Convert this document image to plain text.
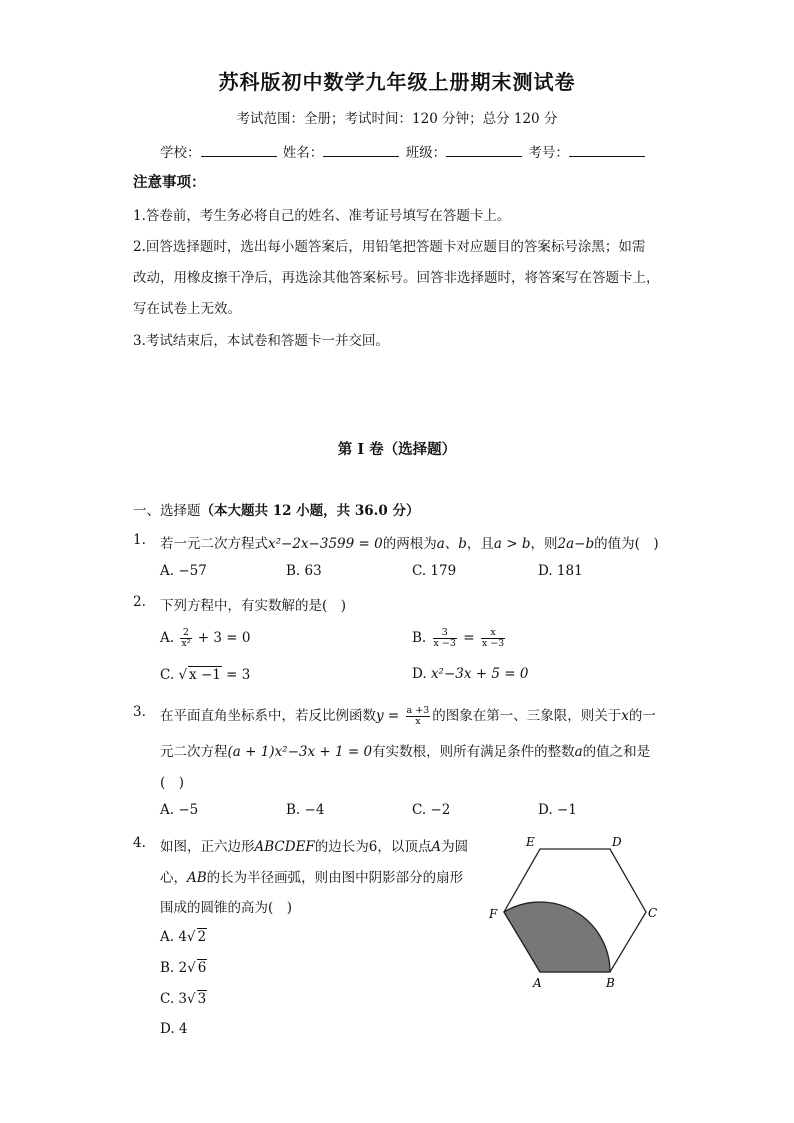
苏科版初中数学九年级上册期末测试卷
考试范围：全册；考试时间：120 分钟；总分 120 分
学校：	姓名：	班级：	考号：
注意事项：
1.答卷前，考生务必将自己的姓名、准考证号填写在答题卡上。
2.回答选择题时，选出每小题答案后，用铅笔把答题卡对应题目的答案标号涂黑；如需
改动，用橡皮擦干净后，再选涂其他答案标号。回答非选择题时，将答案写在答题卡上，
写在试卷上无效。
3.考试结束后，本试卷和答题卡一并交回。
第 I 卷（选择题）
一、选择题（本大题共 12 小题，共 36.0 分）
1. 若一元二次方程式x²−2x−3599 = 0的两根为a、b，且a > b，则2a−b的值为(　)
A. −57	B. 63	C. 179	D. 181
2. 下列方程中，有实数解的是(　)
A. $\frac{2}{\text{x²}} + 3 = 0$	B. $\frac{3}{x -3} = \frac{x}{x -3}$
C. √ x −1 = 3	D. x²−3x + 5 = 0
3. 在平面直角坐标系中，若反比例函数$y = \frac{a +3}{x}$ 的图象在第一、三象限，则关于x的一
元二次方程(a + 1)x²−3x + 1 = 0有实数根，则所有满足条件的整数a的值之和是
(　)
A. −5	B. −4	C. −2	D. −1
4. 如图，正六边形ABCDEF的边长为6，以顶点A为圆
心，AB的长为半径画弧，则由图中阴影部分的扇形
围成的圆锥的高为(　)
A. 4√ 2
B. 2√ 6
C. 3√ 3
D. 4
E	D
C
F
A	B
